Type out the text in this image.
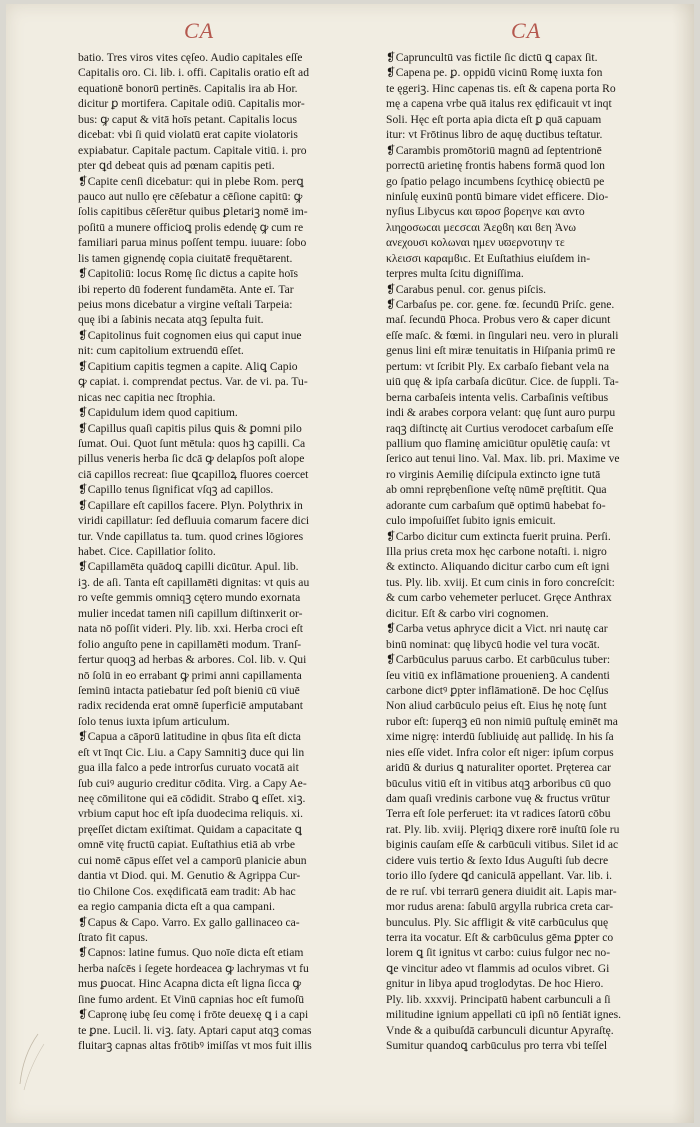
CA	CA
batio. Tres viros vites cęſeo. Audio capitales eſſe
Capitalis oro. Ci. lib. i. offi. Capitalis oratio eſt ad
equationē bonorū pertinēs. Capitalis ira ab Hor.
dicitur ꝑ mortifera. Capitale odiū. Capitalis mor-
bus: ꝙ caput & vitā hoīs petant. Capitalis locus
dicebat: vbi ſi quid violatū erat capite violatoris
expiabatur. Capitale pactum. Capitale vitiū. i. pro
pter ꝗd debeat quis ad pœnam capitis peti.
❡Capite cenſi dicebatur: qui in plebe Rom. perꝗ
pauco aut nullo ęre cēſebatur a cēſione capitū: ꝙ
ſolis capitibus cēſerētur quibus ꝑletariꝫ nomē im-
poſitū a munere officioꝗ prolis edendę ꝙ cum re
familiari parua minus poſſent tempu. iuuare: ſobo
lis tamen gignendę copia ciuitatē frequētarent.
❡Capitoliū: locus Romę ſic dictus a capite hoīs
ibi reperto dū foderent fundamēta. Ante eī. Tar
peius mons dicebatur a virgine veſtali Tarpeia:
quę ibi a ſabinis necata atqꝫ ſepulta fuit.
❡Capitolinus fuit cognomen eius qui caput inue
nit: cum capitolium extruendū eſſet.
❡Capitium capitis tegmen a capite. Aliꝗ Capio
ꝙ capiat. i. comprendat pectus. Var. de vi. pa. Tu-
nicas nec capitia nec ſtrophia.
❡Capidulum idem quod capitium.
❡Capillus quaſi capitis pilus ꝗuis & ꝑomni pilo
ſumat. Oui. Quot ſunt mētula: quos hꝫ capilli. Ca
pillus veneris herba ſic dcā ꝙ delapſos poſt alope
ciā capillos recreat: ſiue ꝗcapilloꝝ fluores coercet
❡Capillo tenus ſignificat vſqꝫ ad capillos.
❡Capillare eſt capillos facere. Plyn. Polythrix in
viridi capillatur: ſed defluuia comarum facere dici
tur. Vnde capillatus ta. tum. quod crines lōgiores
habet. Cice. Capillatior ſolito.
❡Capillamēta quādoꝗ capilli dicūtur. Apul. lib.
iꝫ. de aſi. Tanta eſt capillamēti dignitas: vt quis au
ro veſte gemmis omniqꝫ cętero mundo exornata
mulier incedat tamen niſi capillum diſtinxerit or-
nata nō poſſit videri. Ply. lib. xxi. Herba croci eſt
folio anguſto pene in capillamēti modum. Tranſ-
fertur quoqꝫ ad herbas & arbores. Col. lib. v. Qui
nō ſolū in eo errabant ꝙ primi anni capillamenta
ſeminū intacta patiebatur ſed poſt bieniū cū viuē
radix recidenda erat omnē ſuperficiē amputabant
ſolo tenus iuxta ipſum articulum.
❡Capua a cāporū latitudine in qbus ſita eſt dicta
eſt vt īnqt Cic. Liu. a Capy Samnitiꝫ duce qui lin
gua illa falco a pede introrſus curuato vocatā ait
ſub cuiꝰ augurio creditur cōdita. Virg. a Capy Ae-
neę cōmilitone qui eā cōdidit. Strabo ꝗ eſſet. xiꝫ.
vrbium caput hoc eſt ipſa duodecima reliquis. xi.
pręeſſet dictam exiſtimat. Quidam a capacitate ꝗ
omnē vitę fructū capiat. Euſtathius etiā ab vrbe
cui nomē cāpus eſſet vel a camporū planicie abun
dantia vt Diod. qui. M. Genutio & Agrippa Cur-
tio Chilone Cos. exędificatā eam tradit: Ab hac
ea regio campania dicta eſt a qua campani.
❡Capus & Capo. Varro. Ex gallo gallinaceo ca-
ſtrato fit capus.
❡Capnos: latine fumus. Quo noīe dicta eſt etiam
herba naſcēs i ſegete hordeacea ꝙ lachrymas vt fu
mus ꝑuocat. Hinc Acapna dicta eſt ligna ſicca ꝙ
ſine fumo ardent. Et Vinū capnias hoc eſt fumoſū
❡Capronę iubę ſeu comę i frōte deuexę ꝗ i a capi
te ꝑne. Lucil. li. viꝫ. ſaty. Aptari caput atqꝫ comas
fluitarꝫ capnas altas frōtibꝰ imiſſas vt mos fuit illis
❡Capruncultū vas fictile ſic dictū ꝗ capax ſit.
❡Capena pe. ꝑ. oppidū vicinū Romę iuxta fon
te ęgeriꝫ. Hinc capenas tis. eſt & capena porta Ro
mę a capena vrbe quā italus rex ędificauit vt inqt
Soli. Hęc eſt porta apia dicta eſt ꝑ quā capuam
itur: vt Frōtinus libro de aquę ductibus teſtatur.
❡Carambis promōtoriū magnū ad ſeptentrionē
porrectū arietinę frontis habens formā quod lon
go ſpatio pelago incumbens ſcythicę obiectū pe
ninſulę euxinū pontū bimare videt efficere. Dio-
nyſius Libycus και ϖροσ βορεηνε και αντο
λιηϱοσωϲαι μεϲσϲαι Ἀεϱϐη και ϐεη Ἀνω
ανεχουσι κολωναι ημεν υϖερνοτιην τε
κλεισσι καραμϐιϲ. Et Euſtathius eiuſdem in-
terpres multa ſcitu digniſſima.
❡Carabus penul. cor. genus piſcis.
❡Carbaſus pe. cor. gene. fœ. ſecundū Priſc. gene.
maſ. ſecundū Phoca. Probus vero & caper dicunt
eſſe maſc. & fœmi. in ſingulari neu. vero in plurali
genus lini eſt miræ tenuitatis in Hiſpania primū re
pertum: vt ſcribit Ply. Ex carbaſo fiebant vela na
uiū quę & ipſa carbaſa dicūtur. Cice. de ſuppli. Ta-
berna carbaſeis intenta velis. Carbaſinis veſtibus
indi & arabes corpora velant: quę ſunt auro purpu
raqꝫ diſtinctę ait Curtius verodocet carbaſum eſſe
pallium quo flaminę amiciūtur opulētię cauſa: vt
ſerico aut tenui lino. Val. Max. lib. pri. Maxime ve
ro virginis Aemilię diſcipula extincto igne tutā
ab omni reprębenſione veſtę nūmē pręſtitit. Qua
adorante cum carbaſum quē optimū habebat fo-
culo impoſuiſſet ſubito ignis emicuit.
❡Carbo dicitur cum extincta fuerit pruina. Perſi.
Illa prius creta mox hęc carbone notaſti. i. nigro
& extincto. Aliquando dicitur carbo cum eſt igni
tus. Ply. lib. xviij. Et cum cinis in foro concreſcit:
& cum carbo vehemeter perlucet. Gręce Anthrax
dicitur. Eſt & carbo viri cognomen.
❡Carba vetus aphryce dicit a Vict. nri nautę car
binū nominat: quę libycū hodie vel tura vocāt.
❡Carbūculus paruus carbo. Et carbūculus tuber:
ſeu vitiū ex inflāmatione prouenienꝫ. A candenti
carbone dictꝰ ꝑpter inflāmationē. De hoc Cęlſus
Non aliud carbūculo peius eſt. Eius hę notę ſunt
rubor eſt: ſuperqꝫ eū non nimiū puſtulę eminēt ma
xime nigrę: interdū ſubliuidę aut pallidę. In his ſa
nies eſſe videt. Infra color eſt niger: ipſum corpus
aridū & durius ꝗ naturaliter oportet. Pręterea car
būculus vitiū eſt in vitibus atqꝫ arboribus cū quo
dam quaſi vredinis carbone vuę & fructus vrūtur
Terra eſt ſole perferuet: ita vt radices ſatorū cōbu
rat. Ply. lib. xviij. Plęriqꝫ dixere rorē inuſtū ſole ru
biginis cauſam eſſe & carbūculi vitibus. Silet id ac
cidere vuis tertio & ſexto Idus Auguſti ſub decre
torio illo ſydere ꝗd caniculā appellant. Var. lib. i.
de re ruſ. vbi terrarū genera diuidit ait. Lapis mar-
mor rudus arena: ſabulū argylla rubrica creta car-
bunculus. Ply. Sic affligit & vitē carbūculus quę
terra ita vocatur. Eſt & carbūculus gēma ꝑpter co
lorem ꝗ ſit ignitus vt carbo: cuius fulgor nec no-
ꝗe vincitur adeo vt flammis ad oculos vibret. Gi
gnitur in libya apud troglodytas. De hoc Hiero.
Ply. lib. xxxvij. Principatū habent carbunculi a ſi
militudine ignium appellati cū ipſi nō ſentiāt ignes.
Vnde & a quibuſdā carbunculi dicuntur Apyraſtę.
Sumitur quandoꝗ carbūculus pro terra vbi teſſel
